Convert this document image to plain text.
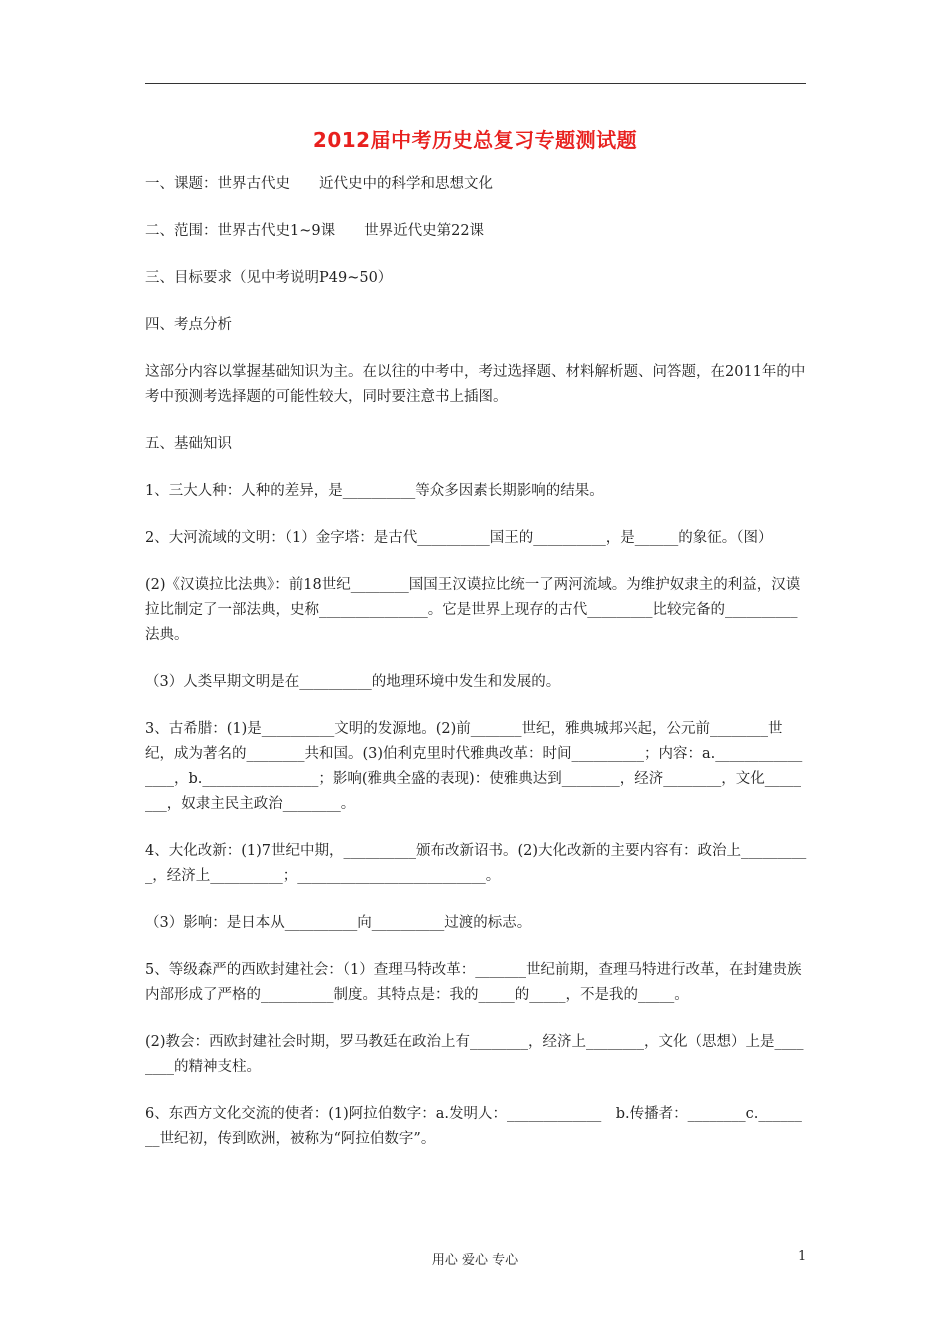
2012届中考历史总复习专题测试题

一、课题：世界古代史　　近代史中的科学和思想文化

二、范围：世界古代史1~9课　　世界近代史第22课

三、目标要求（见中考说明P49~50）

四、考点分析

这部分内容以掌握基础知识为主。在以往的中考中，考过选择题、材料解析题、问答题，在2011年的中考中预测考选择题的可能性较大，同时要注意书上插图。

五、基础知识

1、三大人种：人种的差异，是__________等众多因素长期影响的结果。

2、大河流域的文明：（1）金字塔：是古代__________国王的__________，是______的象征。（图）

(2)《汉谟拉比法典》：前18世纪________国国王汉谟拉比统一了两河流域。为维护奴隶主的利益，汉谟拉比制定了一部法典，史称_______________。它是世界上现存的古代_________比较完备的__________法典。

（3）人类早期文明是在__________的地理环境中发生和发展的。

3、古希腊：(1)是__________文明的发源地。(2)前_______世纪，雅典城邦兴起，公元前________世纪，成为著名的________共和国。(3)伯利克里时代雅典改革：时间__________；内容：a.________________，b.________________；影响(雅典全盛的表现)：使雅典达到________，经济________，文化________，奴隶主民主政治________。

4、大化改新：(1)7世纪中期，__________颁布改新诏书。(2)大化改新的主要内容有：政治上__________，经济上__________；__________________________。

（3）影响：是日本从__________向__________过渡的标志。

5、等级森严的西欧封建社会：（1）查理马特改革：_______世纪前期，查理马特进行改革，在封建贵族内部形成了严格的__________制度。其特点是：我的_____的_____，不是我的_____。

(2)教会：西欧封建社会时期，罗马教廷在政治上有________，经济上________，文化（思想）上是________的精神支柱。

6、东西方文化交流的使者：(1)阿拉伯数字：a.发明人：_____________　b.传播者：________c.________世纪初，传到欧洲，被称为“阿拉伯数字”。

用心 爱心 专心	1
